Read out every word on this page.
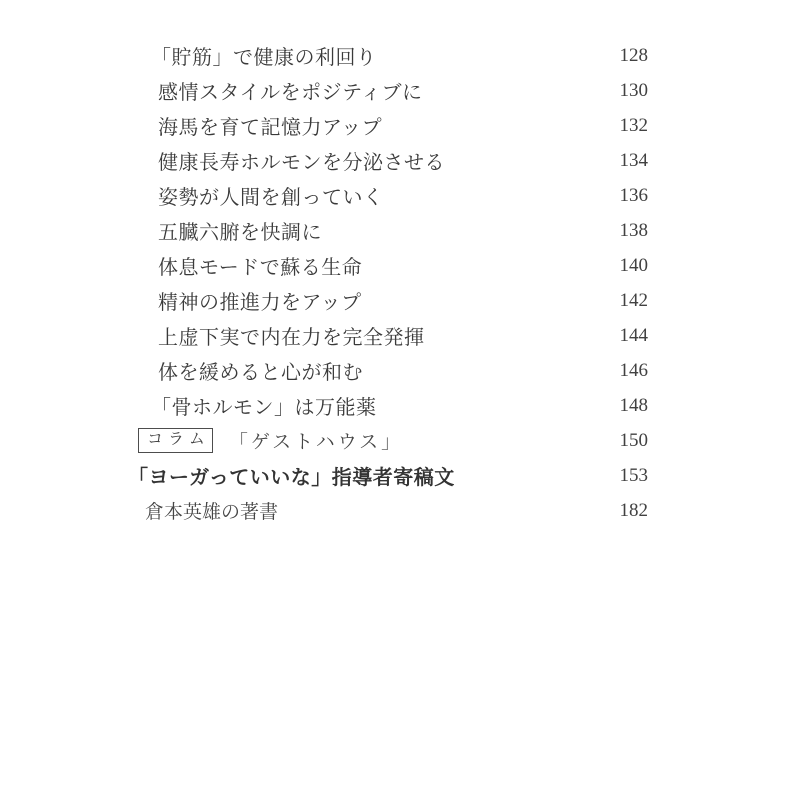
「貯筋」で健康の利回り	128
感情スタイルをポジティブに	130
海馬を育て記憶力アップ	132
健康長寿ホルモンを分泌させる	134
姿勢が人間を創っていく	136
五臓六腑を快調に	138
体息モードで蘇る生命	140
精神の推進力をアップ	142
上虚下実で内在力を完全発揮	144
体を緩めると心が和む	146
「骨ホルモン」は万能薬	148
コラム 「ゲストハウス」	150
「ヨーガっていいな」指導者寄稿文	153
倉本英雄の著書	182
